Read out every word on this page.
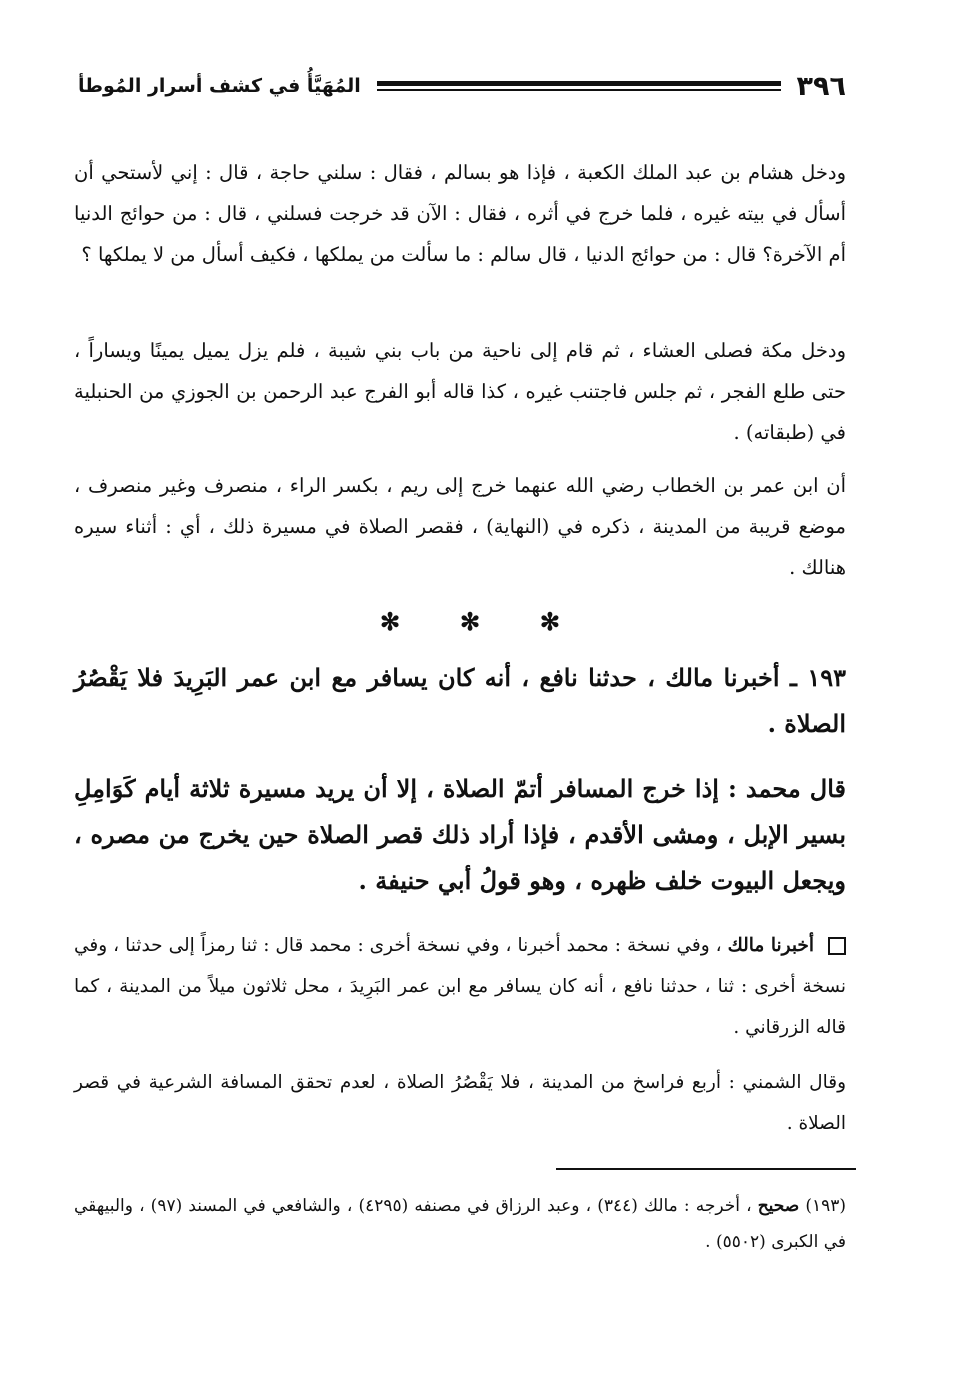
٣٩٦
المُهَيَّأُ في كشف أسرار المُوطأ

ودخل هشام بن عبد الملك الكعبة ، فإذا هو بسالم ، فقال : سلني حاجة ، قال : إني لأستحي أن أسأل في بيته غيره ، فلما خرج في أثره ، فقال : الآن قد خرجت فسلني ، قال : من حوائج الدنيا أم الآخرة؟ قال : من حوائج الدنيا ، قال سالم : ما سألت من يملكها ، فكيف أسأل من لا يملكها ؟

ودخل مكة فصلى العشاء ، ثم قام إلى ناحية من باب بني شيبة ، فلم يزل يميل يمينًا ويساراً ، حتى طلع الفجر ، ثم جلس فاجتنب غيره ، كذا قاله أبو الفرج عبد الرحمن بن الجوزي من الحنبلية في (طبقاته) .

أن ابن عمر بن الخطاب رضي الله عنهما خرج إلى ريم ، بكسر الراء ، منصرف وغير منصرف ، موضع قريبة من المدينة ، ذكره في (النهاية) ، فقصر الصلاة في مسيرة ذلك ، أي : أثناء سيره هنالك .

✻ ✻ ✻

١٩٣ ـ أخبرنا مالك ، حدثنا نافع ، أنه كان يسافر مع ابن عمر البَرِيدَ فلا يَقْصُرُ الصلاة .

قال محمد : إذا خرج المسافر أتمّ الصلاة ، إلا أن يريد مسيرة ثلاثة أيام كَوَامِلِ بسير الإبل ، ومشى الأقدم ، فإذا أراد ذلك قصر الصلاة حين يخرج من مصره ، ويجعل البيوت خلف ظهره ، وهو قولُ أبي حنيفة .

أخبرنا مالك ، وفي نسخة : محمد أخبرنا ، وفي نسخة أخرى : محمد قال : ثنا رمزاً إلى حدثنا ، وفي نسخة أخرى : ثنا ، حدثنا نافع ، أنه كان يسافر مع ابن عمر البَرِيدَ ، محل ثلاثون ميلاً من المدينة ، كما قاله الزرقاني .

وقال الشمني : أربع فراسخ من المدينة ، فلا يَقْصُرُ الصلاة ، لعدم تحقق المسافة الشرعية في قصر الصلاة .

(١٩٣) صحيح ، أخرجه : مالك (٣٤٤) ، وعبد الرزاق في مصنفه (٤٢٩٥) ، والشافعي في المسند (٩٧) ، والبيهقي في الكبرى (٥٥٠٢) .
